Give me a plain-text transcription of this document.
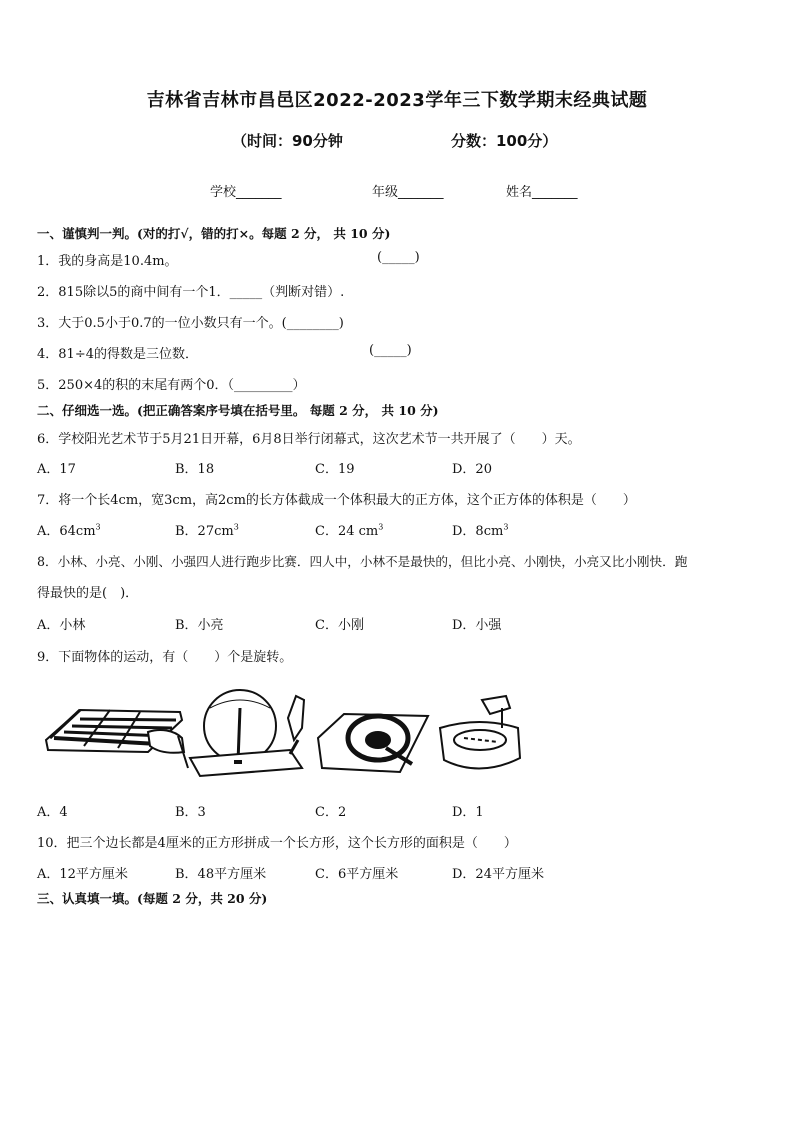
吉林省吉林市昌邑区2022-2023学年三下数学期末经典试题
（时间：90分钟	分数：100分）
学校_______	年级_______	姓名_______
一、谨慎判一判。(对的打√，错的打×。每题 2 分， 共 10 分)
1．我的身高是10.4m。	(_____)
2．815除以5的商中间有一个1．_____（判断对错）.
3．大于0.5小于0.7的一位小数只有一个。(________)
4．81÷4的得数是三位数．	(_____)
5．250×4的积的末尾有两个0．（_________）
二、仔细选一选。(把正确答案序号填在括号里。 每题 2 分， 共 10 分)
6．学校阳光艺术节于5月21日开幕，6月8日举行闭幕式，这次艺术节一共开展了（　　）天。
A．17	B．18	C．19	D．20
7．将一个长4cm，宽3cm，高2cm的长方体截成一个体积最大的正方体，这个正方体的体积是（　　）
A．$64cm^3$	B．$27cm^3$	C．24 $cm^3$	D．$8cm^3$
8．小林、小亮、小刚、小强四人进行跑步比赛．四人中，小林不是最快的，但比小亮、小刚快，小亮又比小刚快．跑
得最快的是(　)．
A．小林	B．小亮	C．小刚	D．小强
9．下面物体的运动，有（　　）个是旋转。
A．4	B．3	C．2	D．1
10．把三个边长都是4厘米的正方形拼成一个长方形，这个长方形的面积是（　　）
A．12平方厘米	B．48平方厘米	C．6平方厘米	D．24平方厘米
三、认真填一填。(每题 2 分，共 20 分)
